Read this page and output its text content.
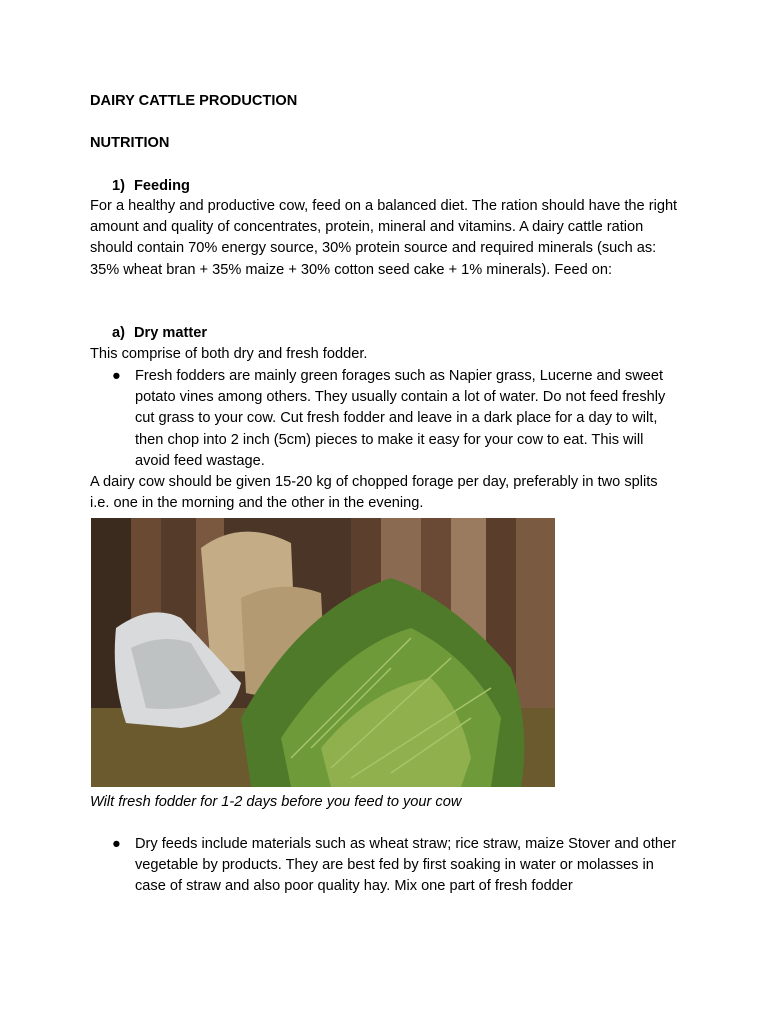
DAIRY CATTLE PRODUCTION
NUTRITION
1) Feeding
For a healthy and productive cow, feed on a balanced diet. The ration should have the right amount and quality of concentrates, protein, mineral and vitamins. A dairy cattle ration should contain 70% energy source, 30% protein source and required minerals (such as: 35% wheat bran + 35% maize + 30% cotton seed cake + 1% minerals). Feed on:
a) Dry matter
This comprise of both dry and fresh fodder.
● Fresh fodders are mainly green forages such as Napier grass, Lucerne and sweet potato vines among others. They usually contain a lot of water. Do not feed freshly cut grass to your cow. Cut fresh fodder and leave in a dark place for a day to wilt, then chop into 2 inch (5cm) pieces to make it easy for your cow to eat. This will avoid feed wastage.
A dairy cow should be given 15-20 kg of chopped forage per day, preferably in two splits i.e. one in the morning and the other in the evening.
Wilt fresh fodder for 1-2 days before you feed to your cow
● Dry feeds include materials such as wheat straw; rice straw, maize Stover and other vegetable by products. They are best fed by first soaking in water or molasses in case of straw and also poor quality hay. Mix one part of fresh fodder
